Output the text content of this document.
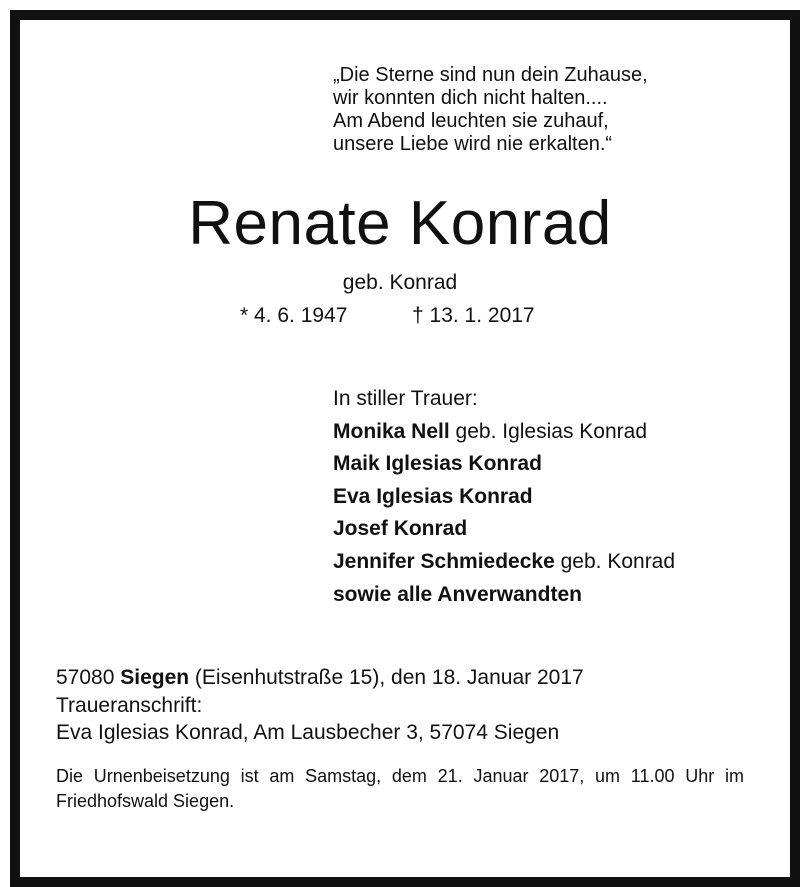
„Die Sterne sind nun dein Zuhause,
wir konnten dich nicht halten....
Am Abend leuchten sie zuhauf,
unsere Liebe wird nie erkalten.“
Renate Konrad
geb. Konrad
* 4. 6. 1947	† 13. 1. 2017
In stiller Trauer:
Monika Nell geb. Iglesias Konrad
Maik Iglesias Konrad
Eva Iglesias Konrad
Josef Konrad
Jennifer Schmiedecke geb. Konrad
sowie alle Anverwandten
57080 Siegen (Eisenhutstraße 15), den 18. Januar 2017
Traueranschrift:
Eva Iglesias Konrad, Am Lausbecher 3, 57074 Siegen
Die Urnenbeisetzung ist am Samstag, dem 21. Januar 2017, um 11.00 Uhr im Friedhofswald Siegen.
